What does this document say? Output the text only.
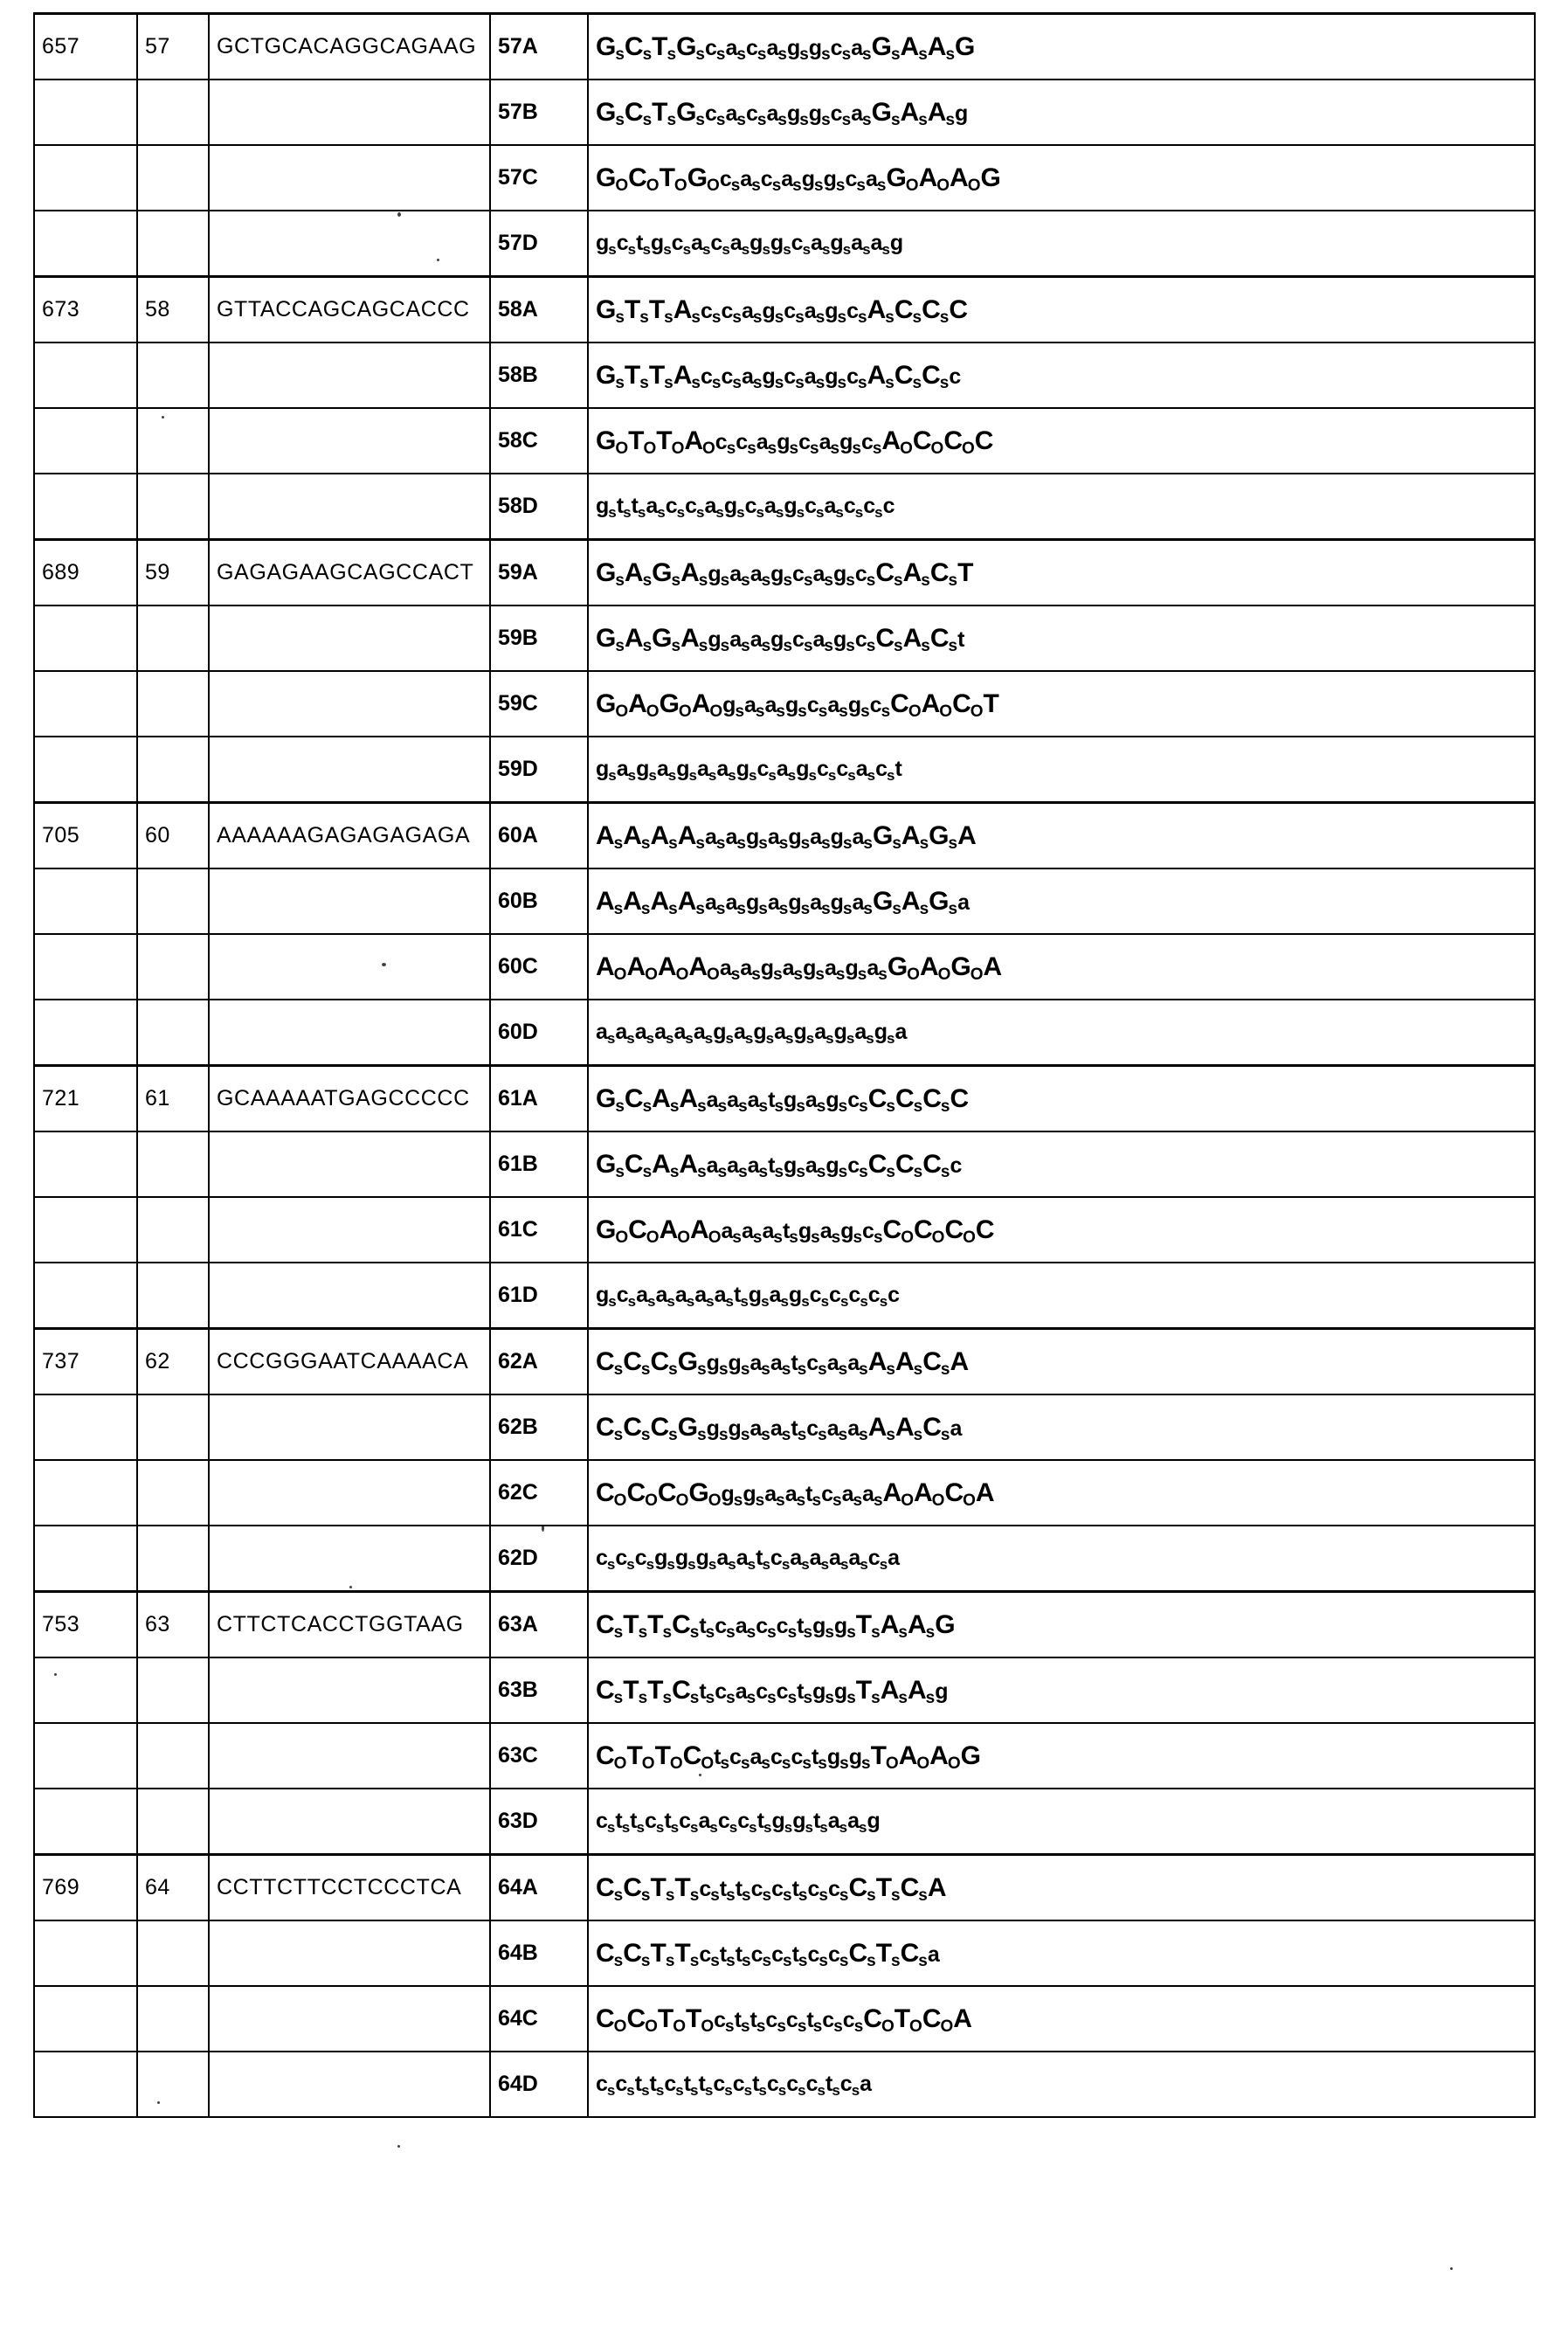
657	57	GCTGCACAGGCAGAAG	57A	$G_sC_sT_sG_sc_sa_sc_sa_sg_sg_sc_sa_sG_sA_sA_sG$
			57B	$G_sC_sT_sG_sc_sa_sc_sa_sg_sg_sc_sa_sG_sA_sA_sg$
			57C	$G_OC_OT_OG_Oc_sa_sc_sa_sg_sg_sc_sa_sG_OA_OA_OG$
			57D	$g_sc_st_sg_sc_sa_sc_sa_sg_sg_sc_sa_sg_sa_sa_sg$
673	58	GTTACCAGCAGCACCC	58A	$G_sT_sT_sA_sc_sc_sa_sg_sc_sa_sg_sc_sA_sC_sC_sC$
			58B	$G_sT_sT_sA_sc_sc_sa_sg_sc_sa_sg_sc_sA_sC_sC_sc$
			58C	$G_OT_OT_OA_Oc_sc_sa_sg_sc_sa_sg_sc_sA_OC_OC_OC$
			58D	$g_st_st_sa_sc_sc_sa_sg_sc_sa_sg_sc_sa_sc_sc_sc$
689	59	GAGAGAAGCAGCCACT	59A	$G_sA_sG_sA_sg_sa_sa_sg_sc_sa_sg_sc_sC_sA_sC_sT$
			59B	$G_sA_sG_sA_sg_sa_sa_sg_sc_sa_sg_sc_sC_sA_sC_st$
			59C	$G_OA_OG_OA_Og_sa_sa_sg_sc_sa_sg_sc_sC_OA_OC_OT$
			59D	$g_sa_sg_sa_sg_sa_sa_sg_sc_sa_sg_sc_sc_sa_sc_st$
705	60	AAAAAAGAGAGAGAGA	60A	$A_sA_sA_sA_sa_sa_sg_sa_sg_sa_sg_sa_sG_sA_sG_sA$
			60B	$A_sA_sA_sA_sa_sa_sg_sa_sg_sa_sg_sa_sG_sA_sG_sa$
			60C	$A_OA_OA_OA_Oa_sa_sg_sa_sg_sa_sg_sa_sG_OA_OG_OA$
			60D	$a_sa_sa_sa_sa_sa_sg_sa_sg_sa_sg_sa_sg_sa_sg_sa$
721	61	GCAAAAATGAGCCCCC	61A	$G_sC_sA_sA_sa_sa_sa_st_sg_sa_sg_sc_sC_sC_sC_sC$
			61B	$G_sC_sA_sA_sa_sa_sa_st_sg_sa_sg_sc_sC_sC_sC_sc$
			61C	$G_OC_OA_OA_Oa_sa_sa_st_sg_sa_sg_sc_sC_OC_OC_OC$
			61D	$g_sc_sa_sa_sa_sa_sa_st_sg_sa_sg_sc_sc_sc_sc_sc$
737	62	CCCGGGAATCAAAACA	62A	$C_sC_sC_sG_sg_sg_sa_sa_st_sc_sa_sa_sA_sA_sC_sA$
			62B	$C_sC_sC_sG_sg_sg_sa_sa_st_sc_sa_sa_sA_sA_sC_sa$
			62C	$C_OC_OC_OG_Og_sg_sa_sa_st_sc_sa_sa_sA_OA_OC_OA$
			62D	$c_sc_sc_sg_sg_sg_sa_sa_st_sc_sa_sa_sa_sa_sc_sa$
753	63	CTTCTCACCTGGTAAG	63A	$C_sT_sT_sC_st_sc_sa_sc_sc_st_sg_sg_sT_sA_sA_sG$
			63B	$C_sT_sT_sC_st_sc_sa_sc_sc_st_sg_sg_sT_sA_sA_sg$
			63C	$C_OT_OT_OC_Ot_sc_sa_sc_sc_st_sg_sg_sT_OA_OA_OG$
			63D	$c_st_st_sc_st_sc_sa_sc_sc_st_sg_sg_st_sa_sa_sg$
769	64	CCTTCTTCCTCCCTCA	64A	$C_sC_sT_sT_sc_st_st_sc_sc_st_sc_sc_sC_sT_sC_sA$
			64B	$C_sC_sT_sT_sc_st_st_sc_sc_st_sc_sc_sC_sT_sC_sa$
			64C	$C_OC_OT_OT_Oc_st_st_sc_sc_st_sc_sc_sC_OT_OC_OA$
			64D	$c_sc_st_st_sc_st_st_sc_sc_st_sc_sc_sc_st_sc_sa$
